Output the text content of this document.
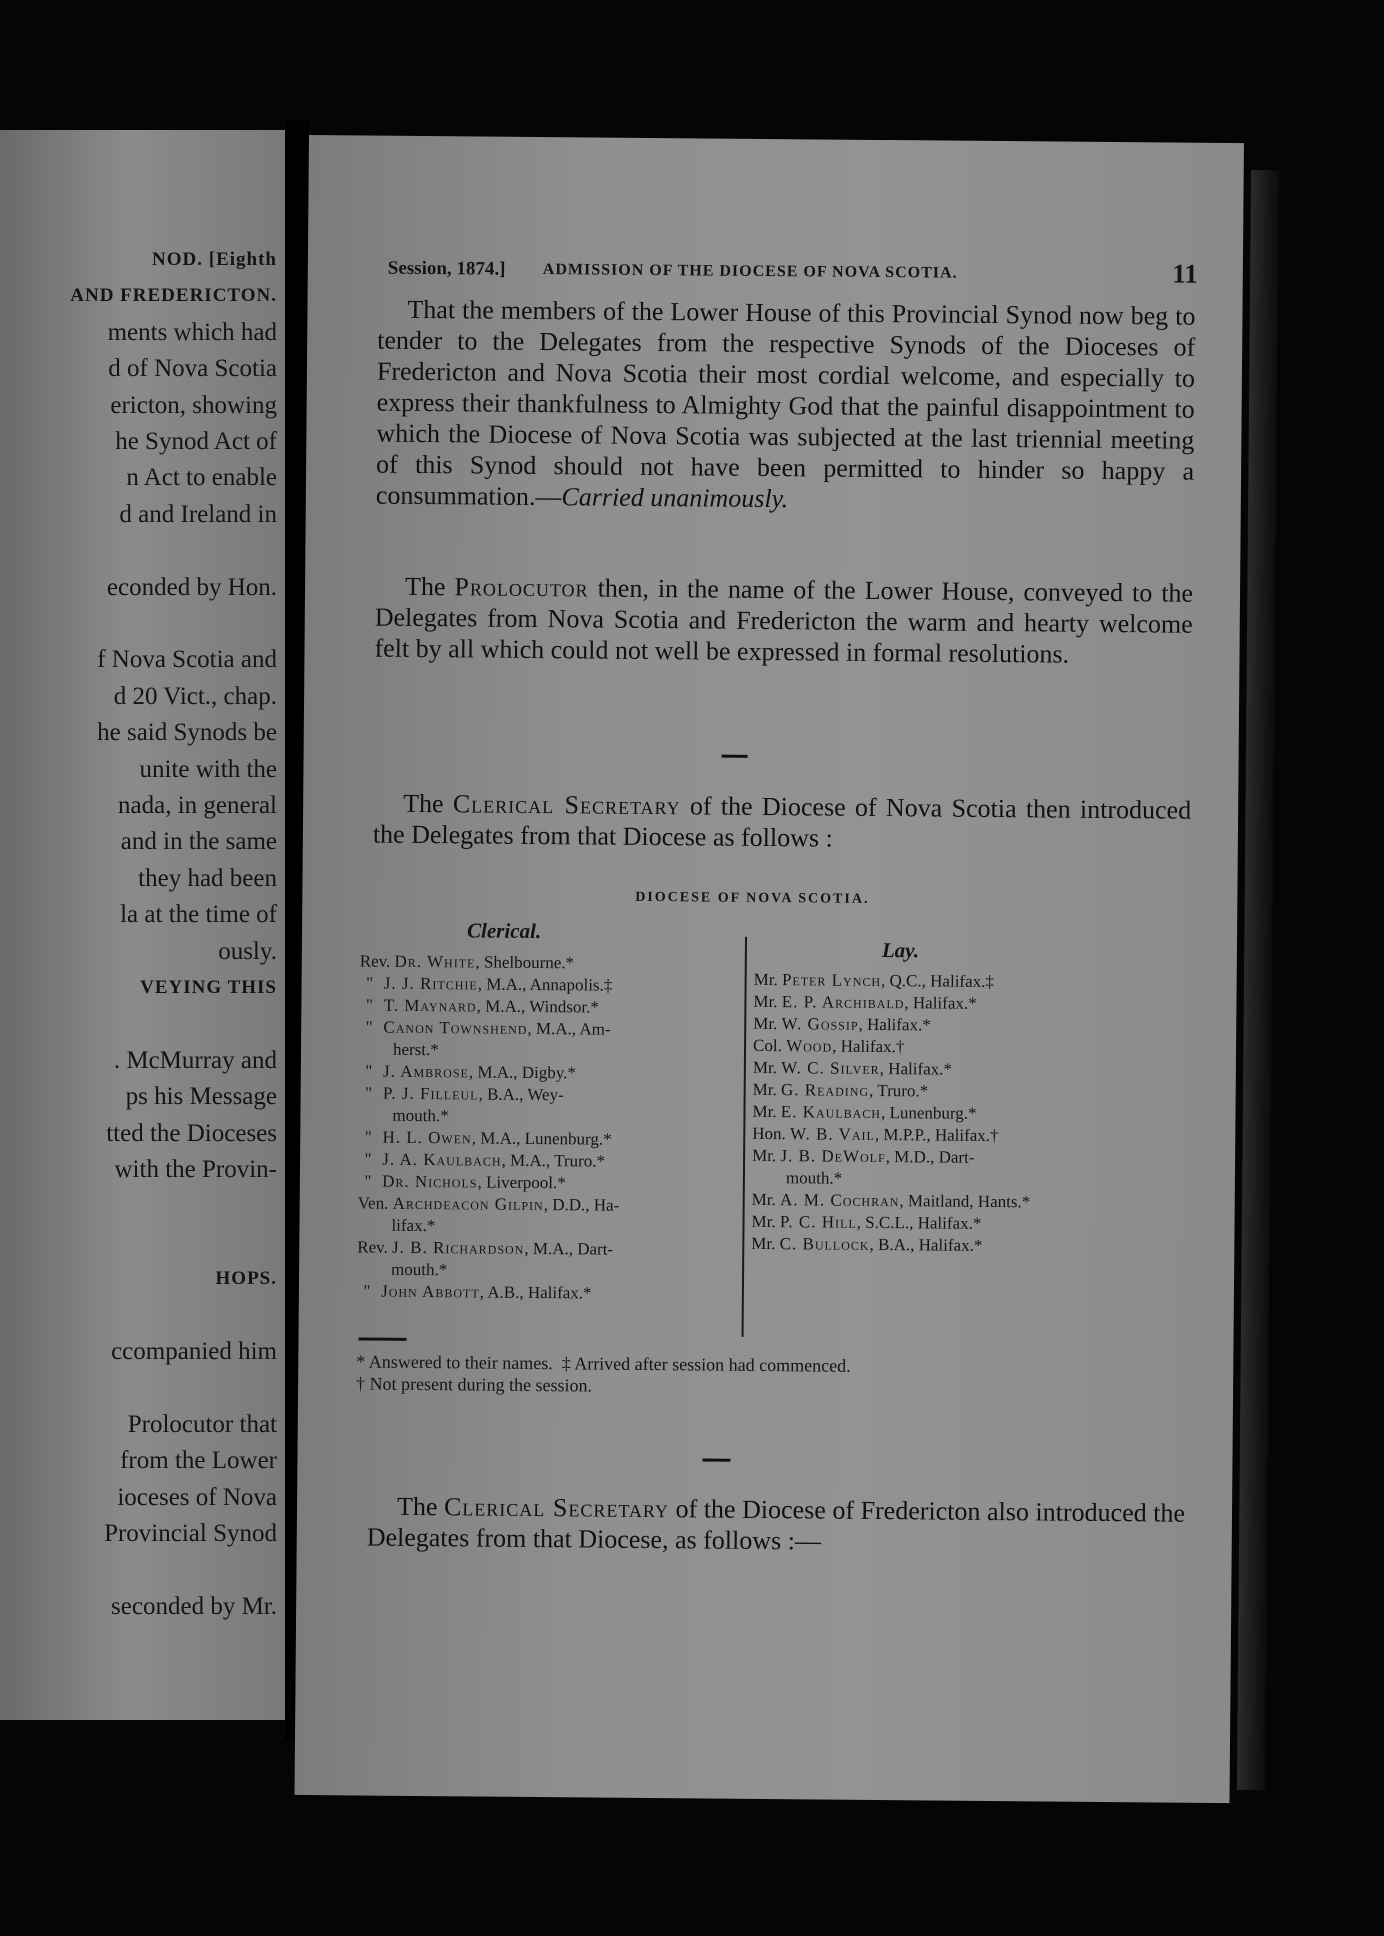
NOD. [Eighth
AND FREDERICTON.
ments which had
d of Nova Scotia
ericton, showing
he Synod Act of
n Act to enable
d and Ireland in
econded by Hon.
f Nova Scotia and
d 20 Vict., chap.
he said Synods be
unite with the
nada, in general
and in the same
they had been
la at the time of
ously.
VEYING THIS
. McMurray and
ps his Message
tted the Dioceses
with the Provin-
HOPS.
ccompanied him
Prolocutor that
from the Lower
ioceses of Nova
Provincial Synod
seconded by Mr.
Session, 1874.] ADMISSION OF THE DIOCESE OF NOVA SCOTIA.	11
That the members of the Lower House of this Provincial Synod now beg to tender to the Delegates from the respective Synods of the Dioceses of Fredericton and Nova Scotia their most cordial welcome, and especially to express their thankfulness to Almighty God that the painful disappointment to which the Diocese of Nova Scotia was subjected at the last triennial meeting of this Synod should not have been permitted to hinder so happy a consummation.—Carried unanimously.
The Prolocutor then, in the name of the Lower House, conveyed to the Delegates from Nova Scotia and Fredericton the warm and hearty welcome felt by all which could not well be expressed in formal resolutions.
The Clerical Secretary of the Diocese of Nova Scotia then introduced the Delegates from that Diocese as follows :
DIOCESE OF NOVA SCOTIA.
Clerical.
Lay.
Rev. Dr. White, Shelbourne.*
" J. J. Ritchie, M.A., Annapolis.‡
" T. Maynard, M.A., Windsor.*
" Canon Townshend, M.A., Am-
herst.*
" J. Ambrose, M.A., Digby.*
" P. J. Filleul, B.A., Wey-
mouth.*
" H. L. Owen, M.A., Lunenburg.*
" J. A. Kaulbach, M.A., Truro.*
" Dr. Nichols, Liverpool.*
Ven. Archdeacon Gilpin, D.D., Ha-
lifax.*
Rev. J. B. Richardson, M.A., Dart-
mouth.*
" John Abbott, A.B., Halifax.*
Mr. Peter Lynch, Q.C., Halifax.‡
Mr. E. P. Archibald, Halifax.*
Mr. W. Gossip, Halifax.*
Col. Wood, Halifax.†
Mr. W. C. Silver, Halifax.*
Mr. G. Reading, Truro.*
Mr. E. Kaulbach, Lunenburg.*
Hon. W. B. Vail, M.P.P., Halifax.†
Mr. J. B. DeWolf, M.D., Dart-
mouth.*
Mr. A. M. Cochran, Maitland, Hants.*
Mr. P. C. Hill, S.C.L., Halifax.*
Mr. C. Bullock, B.A., Halifax.*
* Answered to their names. ‡ Arrived after session had commenced.
† Not present during the session.
The Clerical Secretary of the Diocese of Fredericton also introduced the Delegates from that Diocese, as follows :—
